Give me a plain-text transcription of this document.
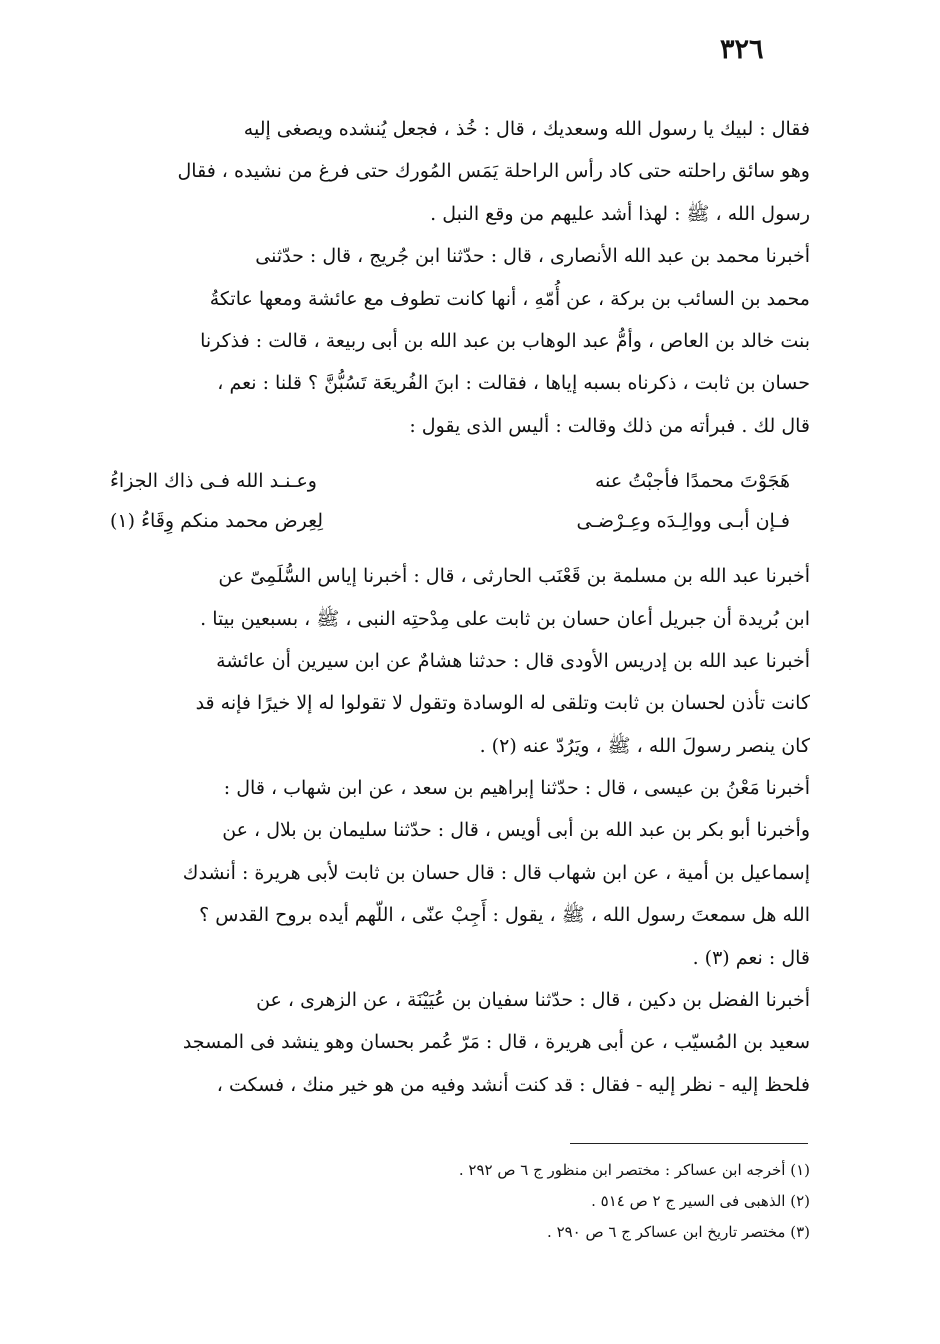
٣٢٦
فقال : لبيك يا رسول الله وسعديك ، قال : خُذ ، فجعل يُنشده ويصغى إليه
وهو سائق راحلته حتى كاد رأس الراحلة يَمَس المُورك حتى فرغ من نشيده ، فقال
رسول الله ، ﷺ : لهذا أشد عليهم من وقع النبل .
أخبرنا محمد بن عبد الله الأنصارى ، قال : حدّثنا ابن جُريج ، قال : حدّثنى
محمد بن السائب بن بركة ، عن أُمّهِ ، أنها كانت تطوف مع عائشة ومعها عاتكةُ
بنت خالد بن العاص ، وأمُّ عبد الوهاب بن عبد الله بن أبى ربيعة ، قالت : فذكرنا
حسان بن ثابت ، ذكرناه بسبه إياها ، فقالت : ابنَ الفُريعَة تَسُبُّنَّ ؟ قلنا : نعم ،
قال لك . فبرأته من ذلك وقالت : أليس الذى يقول :
هَجَوْتَ محمدًا فأجبْتُ عنه
وعـنـد الله فـى ذاك الجزاءُ
فـإن أبـى ووالِـدَه وعِـرْضـى
لِعِرض محمد منكم وِقَاءُ (١)
أخبرنا عبد الله بن مسلمة بن قَعْنَب الحارثى ، قال : أخبرنا إياس السُّلَمِىّ عن
ابن بُريدة أن جبريل أعان حسان بن ثابت على مِدْحتِه النبى ، ﷺ ، بسبعين بيتا .
أخبرنا عبد الله بن إدريس الأودى قال : حدثنا هشامٌ عن ابن سيرين أن عائشة
كانت تأذن لحسان بن ثابت وتلقى له الوسادة وتقول لا تقولوا له إلا خيرًا فإنه قد
كان ينصر رسولَ الله ، ﷺ ، ويَرُدّ عنه (٢) .
أخبرنا مَعْنُ بن عيسى ، قال : حدّثنا إبراهيم بن سعد ، عن ابن شهاب ، قال :
وأخبرنا أبو بكر بن عبد الله بن أبى أويس ، قال : حدّثنا سليمان بن بلال ، عن
إسماعيل بن أمية ، عن ابن شهاب قال : قال حسان بن ثابت لأبى هريرة : أنشدك
الله هل سمعتَ رسول الله ، ﷺ ، يقول : أَجِبْ عنّى ، اللّهم أيده بروح القدس ؟
قال : نعم (٣) .
أخبرنا الفضل بن دكين ، قال : حدّثنا سفيان بن عُيَيْنَة ، عن الزهرى ، عن
سعيد بن المُسيّب ، عن أبى هريرة ، قال : مَرّ عُمر بحسان وهو ينشد فى المسجد
فلحظ إليه - نظر إليه - فقال : قد كنت أنشد وفيه من هو خير منك ، فسكت ،
(١) أخرجه ابن عساكر : مختصر ابن منظور ج ٦ ص ٢٩٢ .
(٢) الذهبى فى السير ج ٢ ص ٥١٤ .
(٣) مختصر تاريخ ابن عساكر ج ٦ ص ٢٩٠ .
